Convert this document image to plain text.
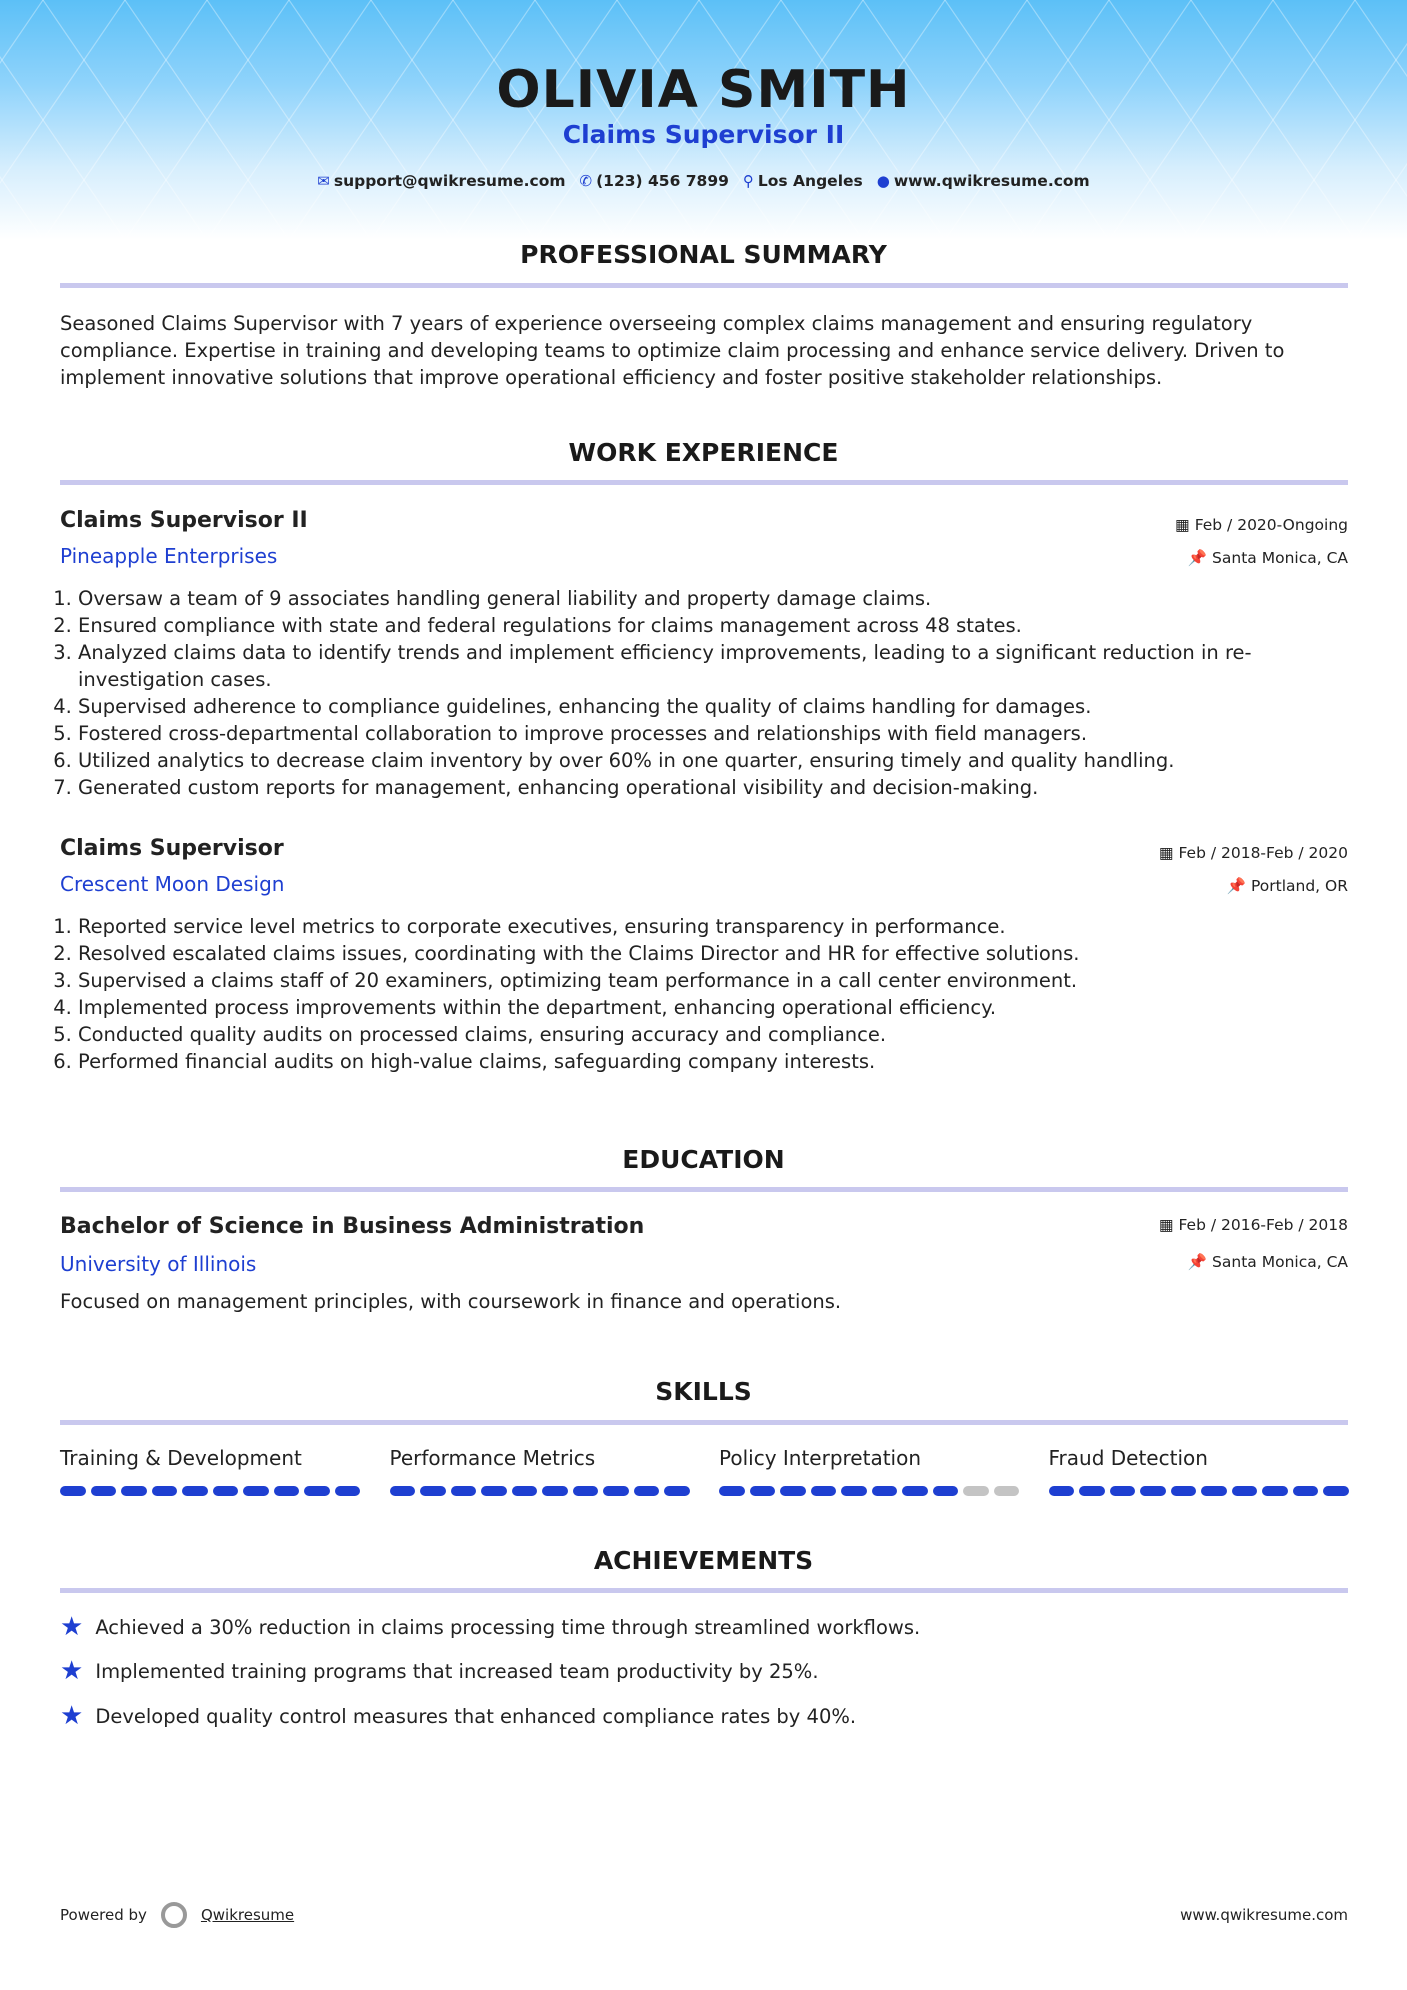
OLIVIA SMITH
Claims Supervisor II
✉ support@qwikresume.com ✆ (123) 456 7899 ⚲ Los Angeles ● www.qwikresume.com
PROFESSIONAL SUMMARY
Seasoned Claims Supervisor with 7 years of experience overseeing complex claims management and ensuring regulatory compliance. Expertise in training and developing teams to optimize claim processing and enhance service delivery. Driven to implement innovative solutions that improve operational efficiency and foster positive stakeholder relationships.
WORK EXPERIENCE
Claims Supervisor II
Pineapple Enterprises
▦ Feb / 2020-Ongoing
📌 Santa Monica, CA
1. Oversaw a team of 9 associates handling general liability and property damage claims.
2. Ensured compliance with state and federal regulations for claims management across 48 states.
3. Analyzed claims data to identify trends and implement efficiency improvements, leading to a significant reduction in re-investigation cases.
4. Supervised adherence to compliance guidelines, enhancing the quality of claims handling for damages.
5. Fostered cross-departmental collaboration to improve processes and relationships with field managers.
6. Utilized analytics to decrease claim inventory by over 60% in one quarter, ensuring timely and quality handling.
7. Generated custom reports for management, enhancing operational visibility and decision-making.
Claims Supervisor
Crescent Moon Design
▦ Feb / 2018-Feb / 2020
📌 Portland, OR
1. Reported service level metrics to corporate executives, ensuring transparency in performance.
2. Resolved escalated claims issues, coordinating with the Claims Director and HR for effective solutions.
3. Supervised a claims staff of 20 examiners, optimizing team performance in a call center environment.
4. Implemented process improvements within the department, enhancing operational efficiency.
5. Conducted quality audits on processed claims, ensuring accuracy and compliance.
6. Performed financial audits on high-value claims, safeguarding company interests.
EDUCATION
Bachelor of Science in Business Administration
University of Illinois
▦ Feb / 2016-Feb / 2018
📌 Santa Monica, CA
Focused on management principles, with coursework in finance and operations.
SKILLS
Training & Development	Performance Metrics	Policy Interpretation	Fraud Detection
ACHIEVEMENTS
★ Achieved a 30% reduction in claims processing time through streamlined workflows.
★ Implemented training programs that increased team productivity by 25%.
★ Developed quality control measures that enhanced compliance rates by 40%.
Powered by	Qwikresume	www.qwikresume.com
